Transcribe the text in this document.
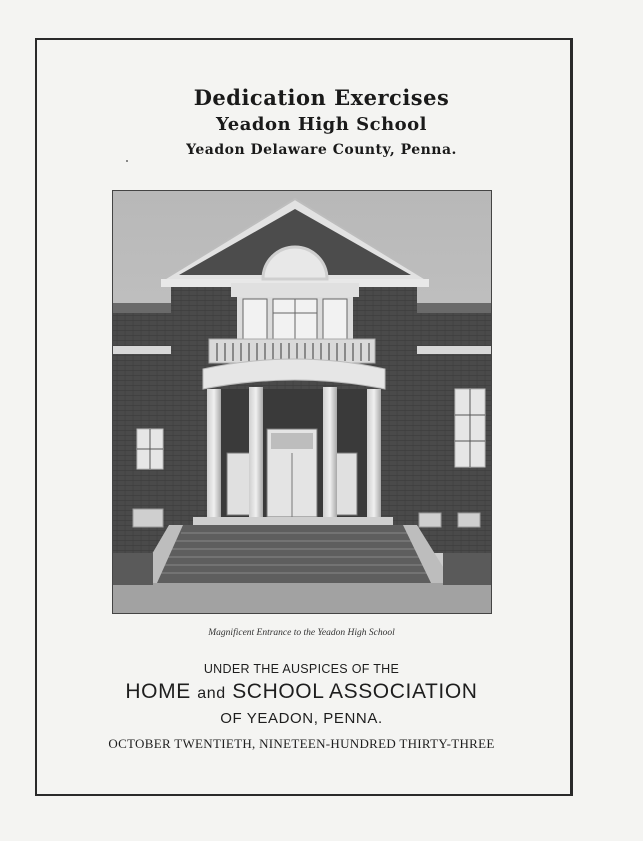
Dedication Exercises
Yeadon High School
Yeadon Delaware County, Penna.
Magnificent Entrance to the Yeadon High School
UNDER THE AUSPICES OF THE
HOME and SCHOOL ASSOCIATION
OF YEADON, PENNA.
OCTOBER TWENTIETH, NINETEEN-HUNDRED THIRTY-THREE
